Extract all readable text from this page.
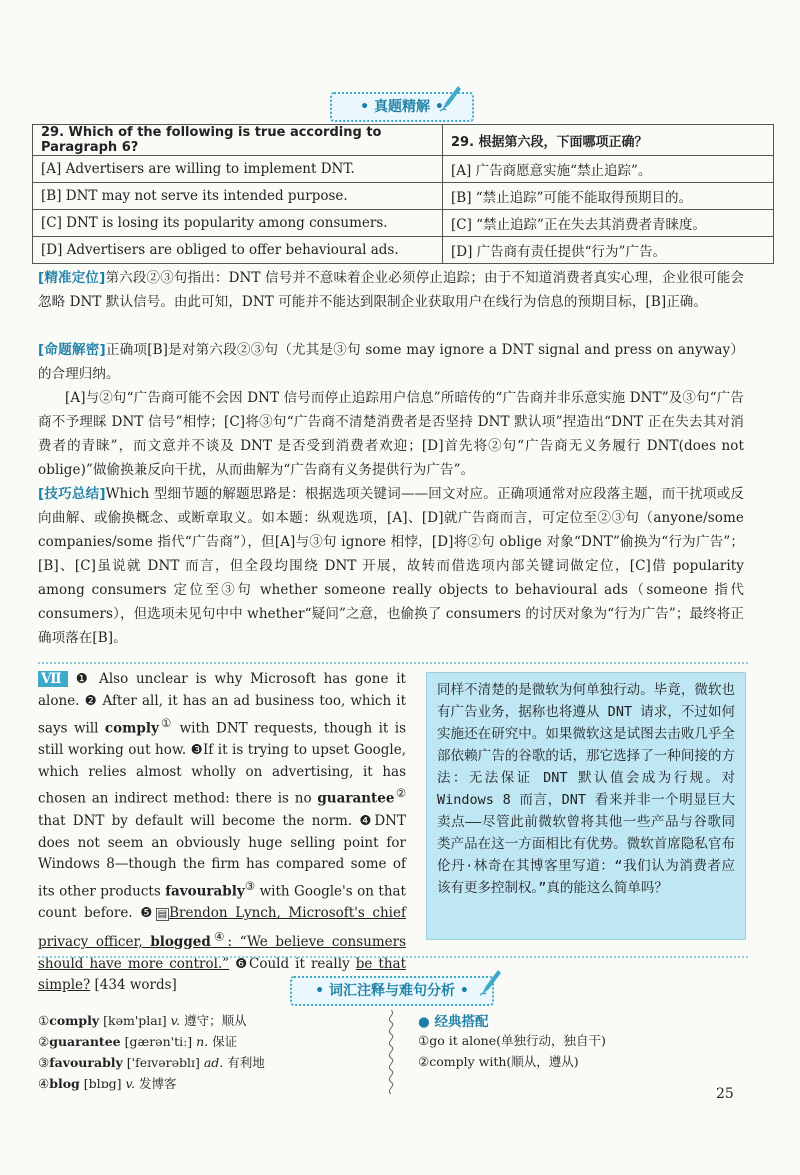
• 真题精解 •
29. Which of the following is true according to Paragraph 6?	29. 根据第六段，下面哪项正确？
[A] Advertisers are willing to implement DNT.	[A] 广告商愿意实施“禁止追踪”。
[B] DNT may not serve its intended purpose.	[B] “禁止追踪”可能不能取得预期目的。
[C] DNT is losing its popularity among consumers.	[C] “禁止追踪”正在失去其消费者青睐度。
[D] Advertisers are obliged to offer behavioural ads.	[D] 广告商有责任提供“行为”广告。
[精准定位]第六段②③句指出：DNT 信号并不意味着企业必须停止追踪；由于不知道消费者真实心理，企业很可能会忽略 DNT 默认信号。由此可知，DNT 可能并不能达到限制企业获取用户在线行为信息的预期目标，[B]正确。
[命题解密]正确项[B]是对第六段②③句（尤其是③句 some may ignore a DNT signal and press on anyway）的合理归纳。
[A]与②句“广告商可能不会因 DNT 信号而停止追踪用户信息”所暗传的“广告商并非乐意实施 DNT”及③句“广告商不予理睬 DNT 信号”相悖；[C]将③句“广告商不清楚消费者是否坚持 DNT 默认项”捏造出“DNT 正在失去其对消费者的青睐”，而文意并不谈及 DNT 是否受到消费者欢迎；[D]首先将②句“广告商无义务履行 DNT(does not oblige)”做偷换兼反向干扰，从而曲解为“广告商有义务提供行为广告”。
[技巧总结]Which 型细节题的解题思路是：根据选项关键词——回文对应。正确项通常对应段落主题，而干扰项或反向曲解、或偷换概念、或断章取义。如本题：纵观选项，[A]、[D]就广告商而言，可定位至②③句（anyone/some companies/some 指代“广告商”），但[A]与③句 ignore 相悖，[D]将②句 oblige 对象“DNT”偷换为“行为广告”；[B]、[C]虽说就 DNT 而言，但全段均围绕 DNT 开展，故转而借选项内部关键词做定位，[C]借 popularity among consumers 定位至③句 whether someone really objects to behavioural ads（someone 指代 consumers），但选项未见句中中 whether“疑问”之意，也偷换了 consumers 的讨厌对象为“行为广告”；最终将正确项落在[B]。
Ⅶ ❶ Also unclear is why Microsoft has gone it alone. ❷ After all, it has an ad business too, which it says will comply① with DNT requests, though it is still working out how. ❸If it is trying to upset Google, which relies almost wholly on advertising, it has chosen an indirect method: there is no guarantee② that DNT by default will become the norm. ❹DNT does not seem an obviously huge selling point for Windows 8—though the firm has compared some of its other products favourably③ with Google's on that count before. ❺ ▤ Brendon Lynch, Microsoft's chief privacy officer, blogged④: “We believe consumers should have more control.” ❻Could it really be that simple? [434 words]
同样不清楚的是微软为何单独行动。毕竟，微软也有广告业务，据称也将遵从 DNT 请求，不过如何实施还在研究中。如果微软这是试图去击败几乎全部依赖广告的谷歌的话，那它选择了一种间接的方法：无法保证 DNT 默认值会成为行规。对 Windows 8 而言，DNT 看来并非一个明显巨大卖点——尽管此前微软曾将其他一些产品与谷歌同类产品在这一方面相比有优势。微软首席隐私官布伦丹·林奇在其博客里写道：“我们认为消费者应该有更多控制权。”真的能这么简单吗？
• 词汇注释与难句分析 •
①comply [kəm'plaɪ] v. 遵守；顺从
②guarantee [gærən'tiː] n. 保证
③favourably ['feɪvərəblɪ] ad. 有利地
④blog [blɒg] v. 发博客
● 经典搭配
①go it alone(单独行动，独自干)
②comply with(顺从，遵从)
25
